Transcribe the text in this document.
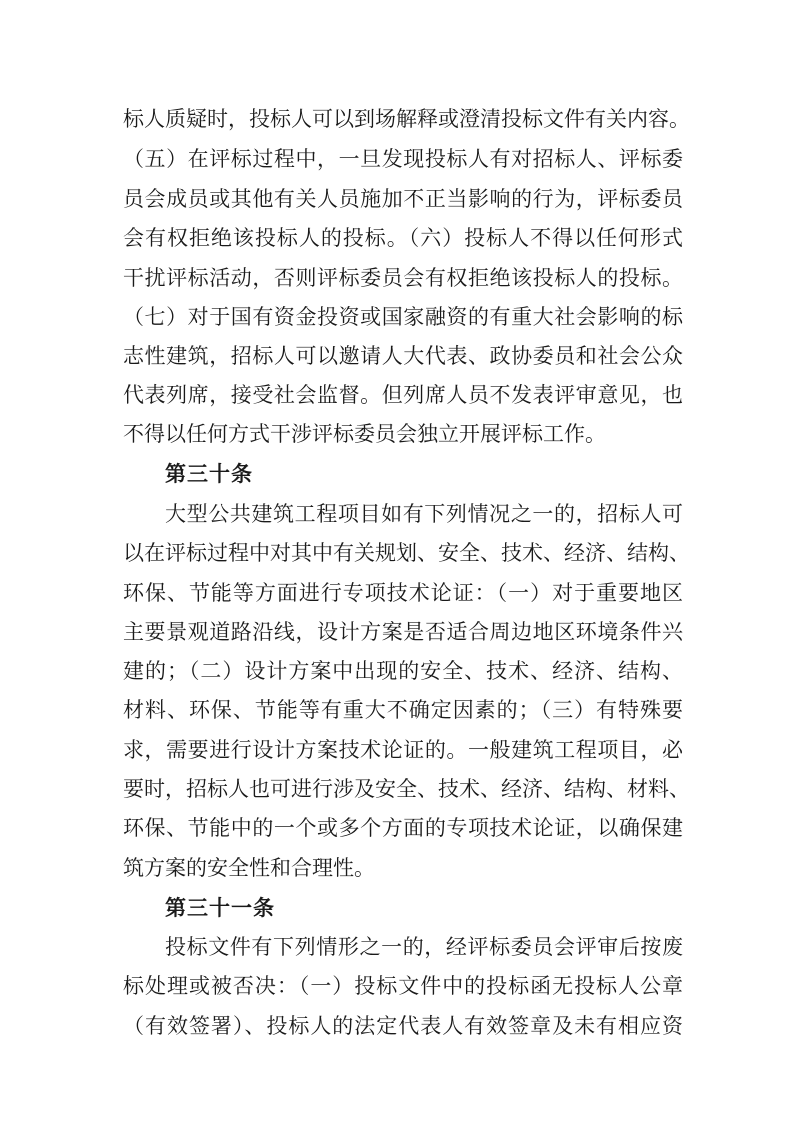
标人质疑时，投标人可以到场解释或澄清投标文件有关内容。
（五）在评标过程中，一旦发现投标人有对招标人、评标委
员会成员或其他有关人员施加不正当影响的行为，评标委员
会有权拒绝该投标人的投标。（六）投标人不得以任何形式
干扰评标活动，否则评标委员会有权拒绝该投标人的投标。
（七）对于国有资金投资或国家融资的有重大社会影响的标
志性建筑，招标人可以邀请人大代表、政协委员和社会公众
代表列席，接受社会监督。但列席人员不发表评审意见，也
不得以任何方式干涉评标委员会独立开展评标工作。
第三十条
大型公共建筑工程项目如有下列情况之一的，招标人可
以在评标过程中对其中有关规划、安全、技术、经济、结构、
环保、节能等方面进行专项技术论证：（一）对于重要地区
主要景观道路沿线，设计方案是否适合周边地区环境条件兴
建的；（二）设计方案中出现的安全、技术、经济、结构、
材料、环保、节能等有重大不确定因素的；（三）有特殊要
求，需要进行设计方案技术论证的。一般建筑工程项目，必
要时，招标人也可进行涉及安全、技术、经济、结构、材料、
环保、节能中的一个或多个方面的专项技术论证，以确保建
筑方案的安全性和合理性。
第三十一条
投标文件有下列情形之一的，经评标委员会评审后按废
标处理或被否决：（一）投标文件中的投标函无投标人公章
（有效签署）、投标人的法定代表人有效签章及未有相应资
